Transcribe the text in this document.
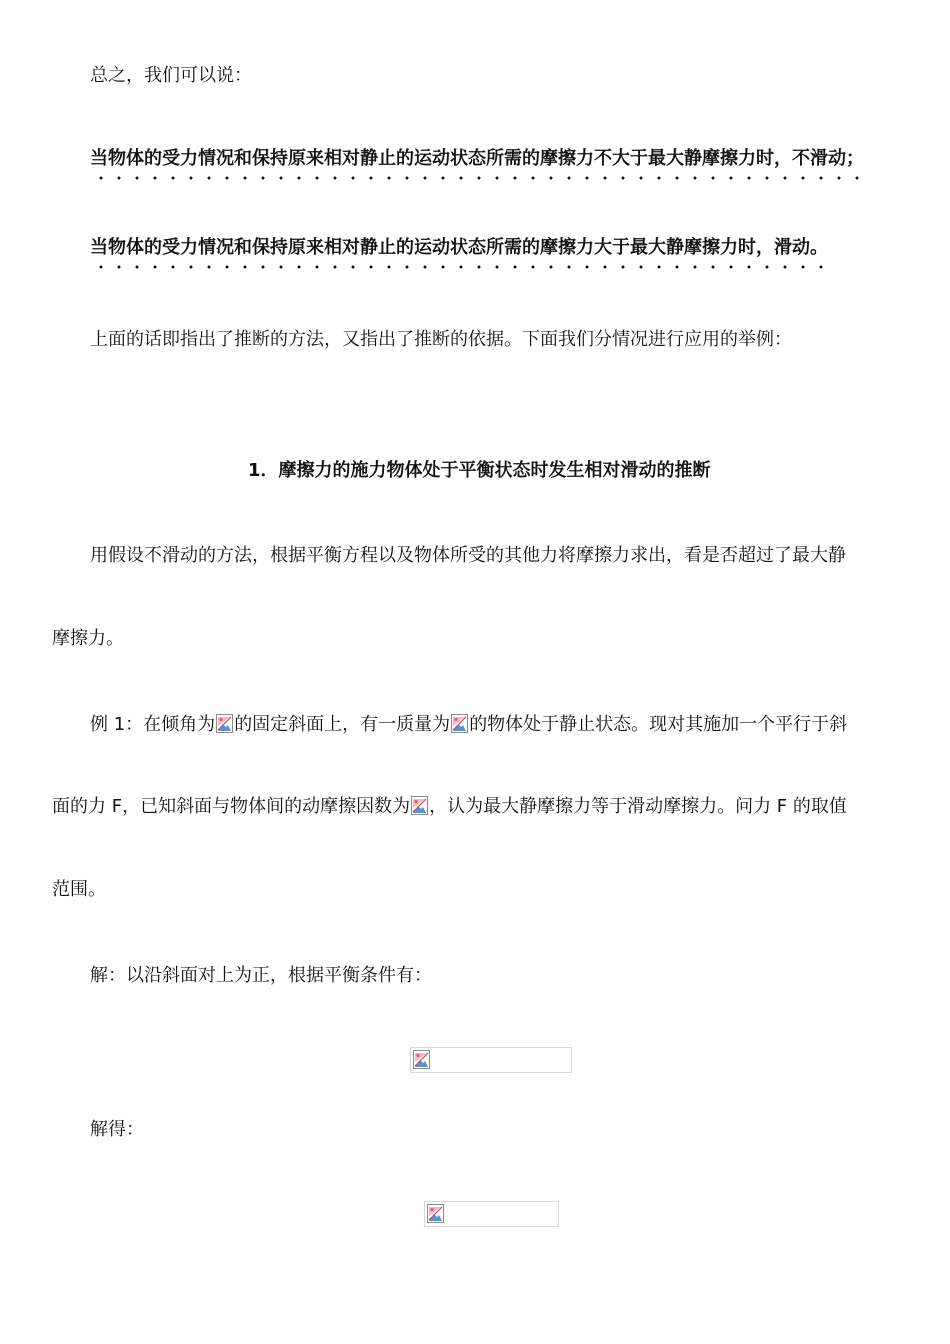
总之，我们可以说：
当物体的受力情况和保持原来相对静止的运动状态所需的摩擦力不大于最大静摩擦力时，不滑动；
当物体的受力情况和保持原来相对静止的运动状态所需的摩擦力大于最大静摩擦力时，滑动。
上面的话即指出了推断的方法，又指出了推断的依据。下面我们分情况进行应用的举例：
1．摩擦力的施力物体处于平衡状态时发生相对滑动的推断
用假设不滑动的方法，根据平衡方程以及物体所受的其他力将摩擦力求出，看是否超过了最大静
摩擦力。
例 1：在倾角为 的固定斜面上，有一质量为 的物体处于静止状态。现对其施加一个平行于斜
面的力 F，已知斜面与物体间的动摩擦因数为 ，认为最大静摩擦力等于滑动摩擦力。问力 F 的取值
范围。
解：以沿斜面对上为正，根据平衡条件有：
解得：
